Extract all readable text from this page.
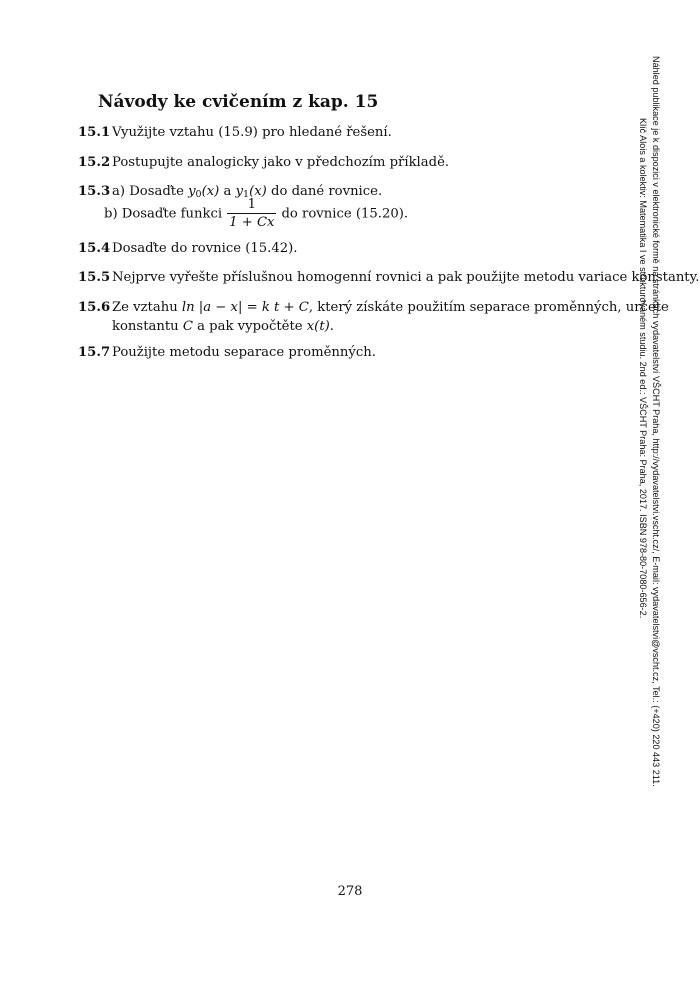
Návody ke cvičením z kap. 15
15.1 Využijte vztahu (15.9) pro hledané řešení.
15.2 Postupujte analogicky jako v předchozím příkladě.
15.3 a) Dosaďte $y_0(x)$ a $y_1(x)$ do dané rovnice.
b) Dosaďte funkci $\frac{1}{1 + Cx}$ do rovnice (15.20).
15.4 Dosaďte do rovnice (15.42).
15.5 Nejprve vyřešte příslušnou homogenní rovnici a pak použijte metodu variace konstanty.
15.6 Ze vztahu ln |a − x| = k t + C, který získáte použitím separace proměnných, určete
konstantu C a pak vypočtěte x(t).
15.7 Použijte metodu separace proměnných.
278
Náhled publikace je k dispozici v elektronické formě na stránkách vydavatelství VŠCHT Praha, http://vydavatelstvi.vscht.cz/, E-mail: vydavatelstvi@vscht.cz, Tel.: (+420) 220 443 211.
Klíč Alois a kolektiv: Matematika I ve strukturovaném studiu. 2nd ed.: VŠCHT Praha: Praha, 2017. ISBN 978-80-7080-656-2.
